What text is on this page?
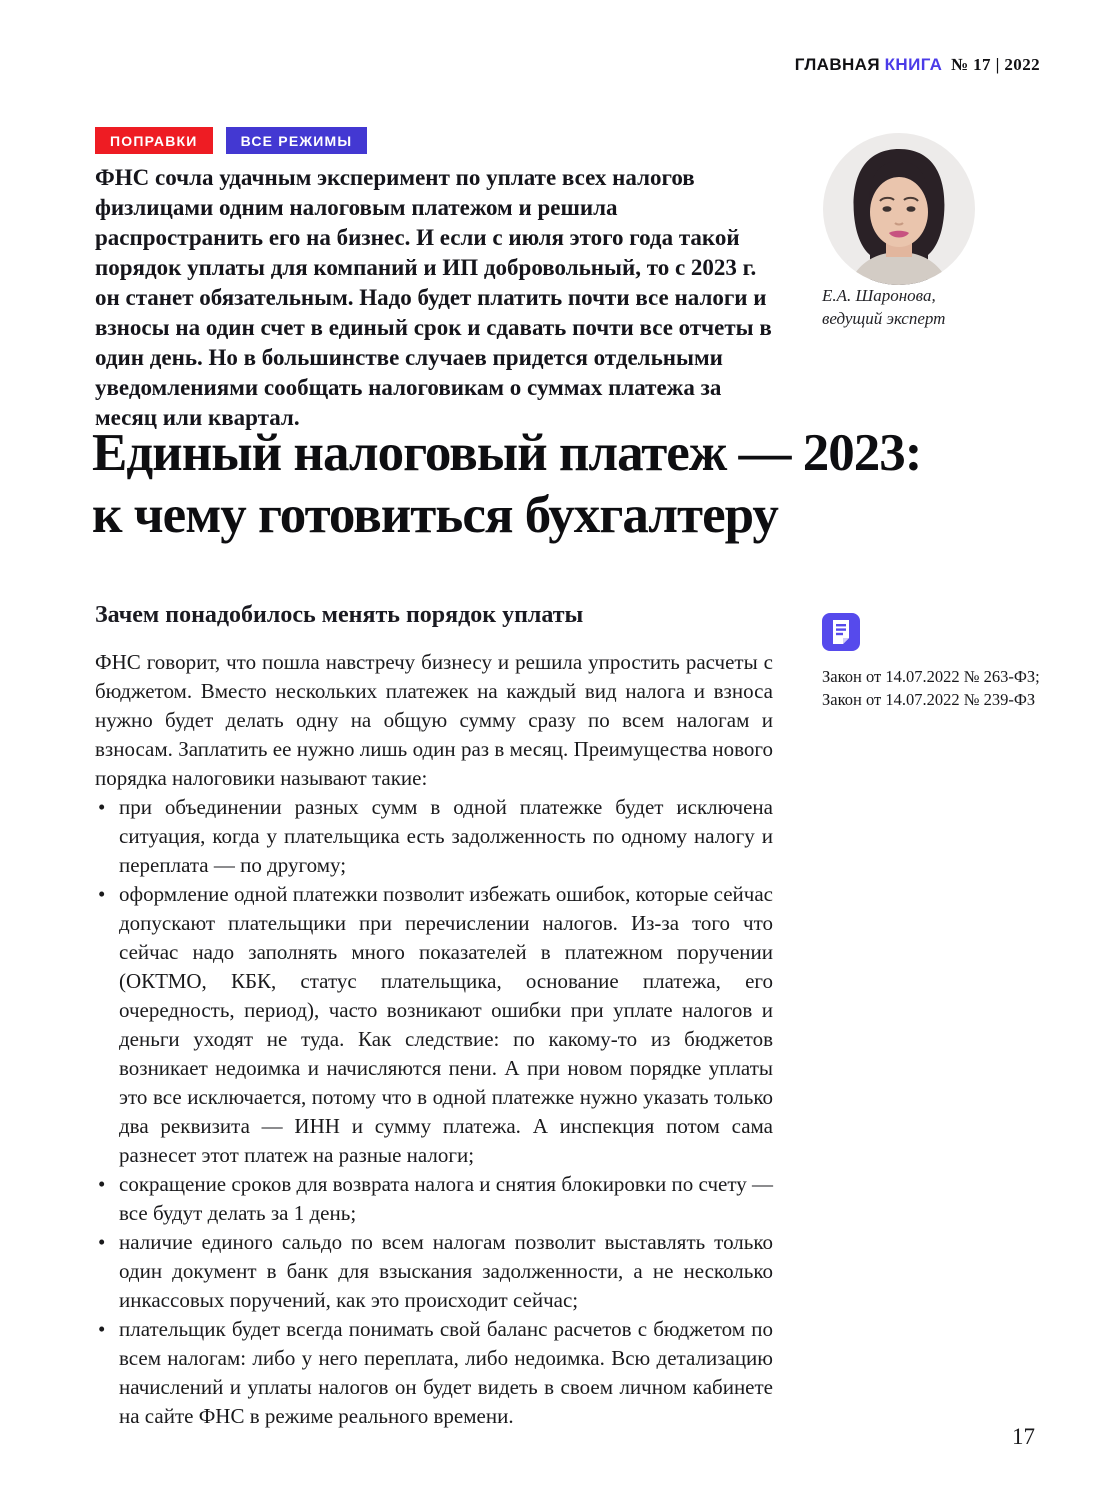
ГЛАВНАЯ КНИГА № 17 | 2022
ПОПРАВКИ	ВСЕ РЕЖИМЫ
ФНС сочла удачным эксперимент по уплате всех налогов физлицами одним налоговым платежом и решила распространить его на бизнес. И если с июля этого года такой порядок уплаты для компаний и ИП добровольный, то с 2023 г. он станет обязательным. Надо будет платить почти все налоги и взносы на один счет в единый срок и сдавать почти все отчеты в один день. Но в большинстве случаев придется отдельными уведомлениями сообщать налоговикам о суммах платежа за месяц или квартал.
Е.А. Шаронова,
ведущий эксперт
Единый налоговый платеж — 2023:
к чему готовиться бухгалтеру
Зачем понадобилось менять порядок уплаты

ФНС говорит, что пошла навстречу бизнесу и решила упростить расчеты с бюджетом. Вместо нескольких платежек на каждый вид налога и взноса нужно будет делать одну на общую сумму сразу по всем налогам и взносам. Заплатить ее нужно лишь один раз в месяц. Преимущества нового порядка налоговики называют такие:

• при объединении разных сумм в одной платежке будет исключена ситуация, когда у плательщика есть задолженность по одному налогу и переплата — по другому;
• оформление одной платежки позволит избежать ошибок, которые сейчас допускают плательщики при перечислении налогов. Из-за того что сейчас надо заполнять много показателей в платежном поручении (ОКТМО, КБК, статус плательщика, основание платежа, его очередность, период), часто возникают ошибки при уплате налогов и деньги уходят не туда. Как следствие: по какому-то из бюджетов возникает недоимка и начисляются пени. А при новом порядке уплаты это все исключается, потому что в одной платежке нужно указать только два реквизита — ИНН и сумму платежа. А инспекция потом сама разнесет этот платеж на разные налоги;
• сокращение сроков для возврата налога и снятия блокировки по счету — все будут делать за 1 день;
• наличие единого сальдо по всем налогам позволит выставлять только один документ в банк для взыскания задолженности, а не несколько инкассовых поручений, как это происходит сейчас;
• плательщик будет всегда понимать свой баланс расчетов с бюджетом по всем налогам: либо у него переплата, либо недоимка. Всю детализацию начислений и уплаты налогов он будет видеть в своем личном кабинете на сайте ФНС в режиме реального времени.
Закон от 14.07.2022 № 263-ФЗ;
Закон от 14.07.2022 № 239-ФЗ
17
